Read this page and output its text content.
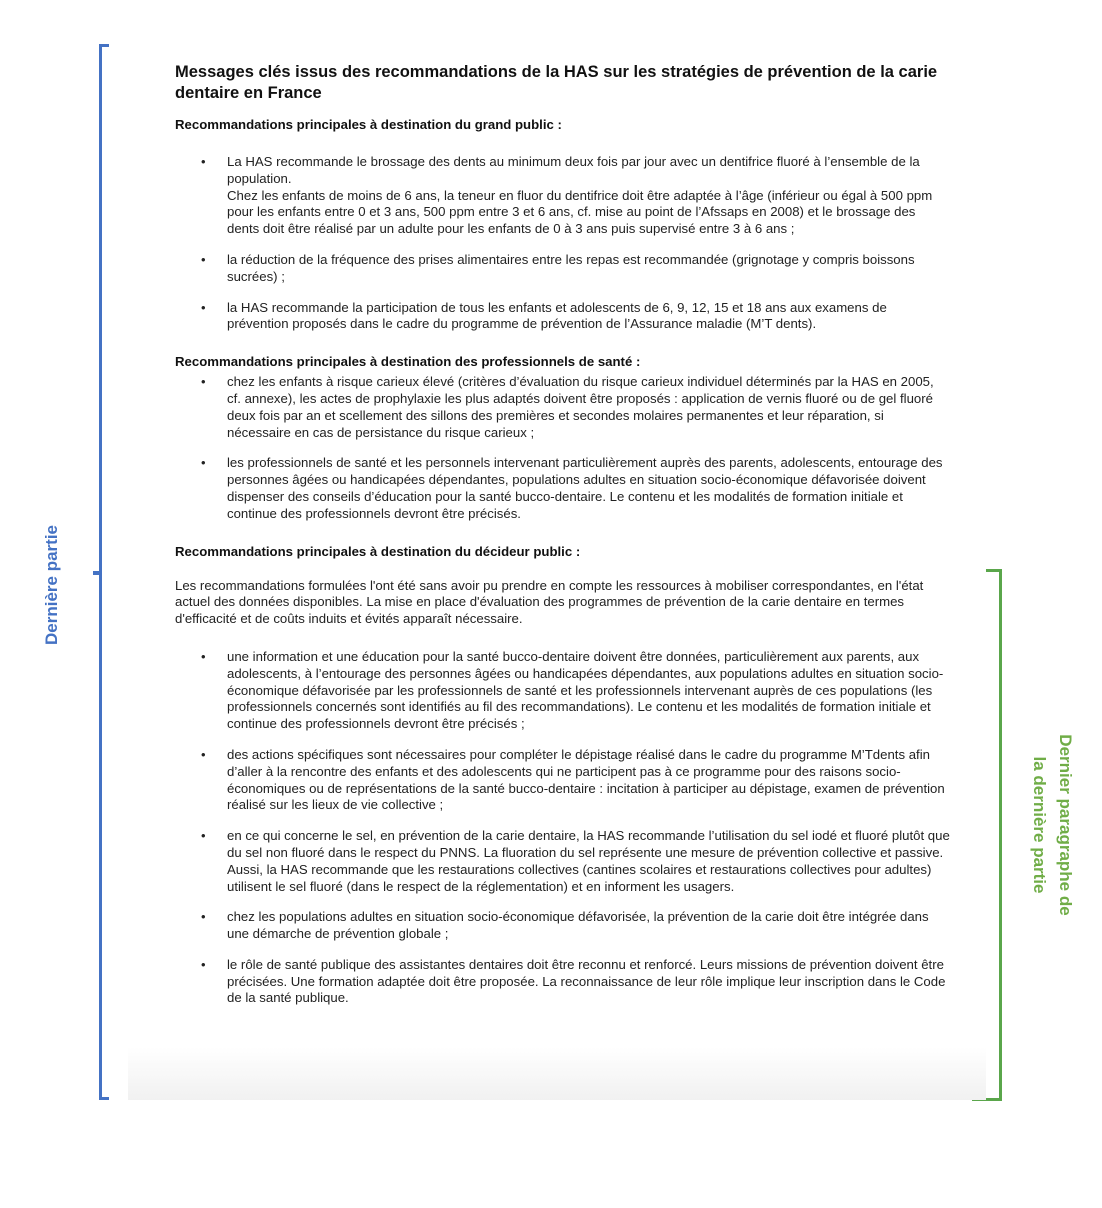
Dernière partie
Dernier paragraphe de
la dernière partie
Messages clés issus des recommandations de la HAS sur les stratégies de prévention de la carie dentaire en France
Recommandations principales à destination du grand public :
• La HAS recommande le brossage des dents au minimum deux fois par jour avec un dentifrice fluoré à l’ensemble de la population.
Chez les enfants de moins de 6 ans, la teneur en fluor du dentifrice doit être adaptée à l’âge (inférieur ou égal à 500 ppm pour les enfants entre 0 et 3 ans, 500 ppm entre 3 et 6 ans, cf. mise au point de l’Afssaps en 2008) et le brossage des dents doit être réalisé par un adulte pour les enfants de 0 à 3 ans puis supervisé entre 3 à 6 ans ;
• la réduction de la fréquence des prises alimentaires entre les repas est recommandée (grignotage y compris boissons sucrées) ;
• la HAS recommande la participation de tous les enfants et adolescents de 6, 9, 12, 15 et 18 ans aux examens de prévention proposés dans le cadre du programme de prévention de l’Assurance maladie (M’T dents).
Recommandations principales à destination des professionnels de santé :
• chez les enfants à risque carieux élevé (critères d’évaluation du risque carieux individuel déterminés par la HAS en 2005, cf. annexe), les actes de prophylaxie les plus adaptés doivent être proposés : application de vernis fluoré ou de gel fluoré deux fois par an et scellement des sillons des premières et secondes molaires permanentes et leur réparation, si nécessaire en cas de persistance du risque carieux ;
• les professionnels de santé et les personnels intervenant particulièrement auprès des parents, adolescents, entourage des personnes âgées ou handicapées dépendantes, populations adultes en situation socio-économique défavorisée doivent dispenser des conseils d’éducation pour la santé bucco-dentaire. Le contenu et les modalités de formation initiale et continue des professionnels devront être précisés.
Recommandations principales à destination du décideur public :
Les recommandations formulées l'ont été sans avoir pu prendre en compte les ressources à mobiliser correspondantes, en l'état actuel des données disponibles. La mise en place d'évaluation des programmes de prévention de la carie dentaire en termes d'efficacité et de coûts induits et évités apparaît nécessaire.
• une information et une éducation pour la santé bucco-dentaire doivent être données, particulièrement aux parents, aux adolescents, à l’entourage des personnes âgées ou handicapées dépendantes, aux populations adultes en situation socio-économique défavorisée par les professionnels de santé et les professionnels intervenant auprès de ces populations (les professionnels concernés sont identifiés au fil des recommandations). Le contenu et les modalités de formation initiale et continue des professionnels devront être précisés ;
• des actions spécifiques sont nécessaires pour compléter le dépistage réalisé dans le cadre du programme M’Tdents afin d’aller à la rencontre des enfants et des adolescents qui ne participent pas à ce programme pour des raisons socio-économiques ou de représentations de la santé bucco-dentaire : incitation à participer au dépistage, examen de prévention réalisé sur les lieux de vie collective ;
• en ce qui concerne le sel, en prévention de la carie dentaire, la HAS recommande l’utilisation du sel iodé et fluoré plutôt que du sel non fluoré dans le respect du PNNS. La fluoration du sel représente une mesure de prévention collective et passive. Aussi, la HAS recommande que les restaurations collectives (cantines scolaires et restaurations collectives pour adultes) utilisent le sel fluoré (dans le respect de la réglementation) et en informent les usagers.
• chez les populations adultes en situation socio-économique défavorisée, la prévention de la carie doit être intégrée dans une démarche de prévention globale ;
• le rôle de santé publique des assistantes dentaires doit être reconnu et renforcé. Leurs missions de prévention doivent être précisées. Une formation adaptée doit être proposée. La reconnaissance de leur rôle implique leur inscription dans le Code de la santé publique.
